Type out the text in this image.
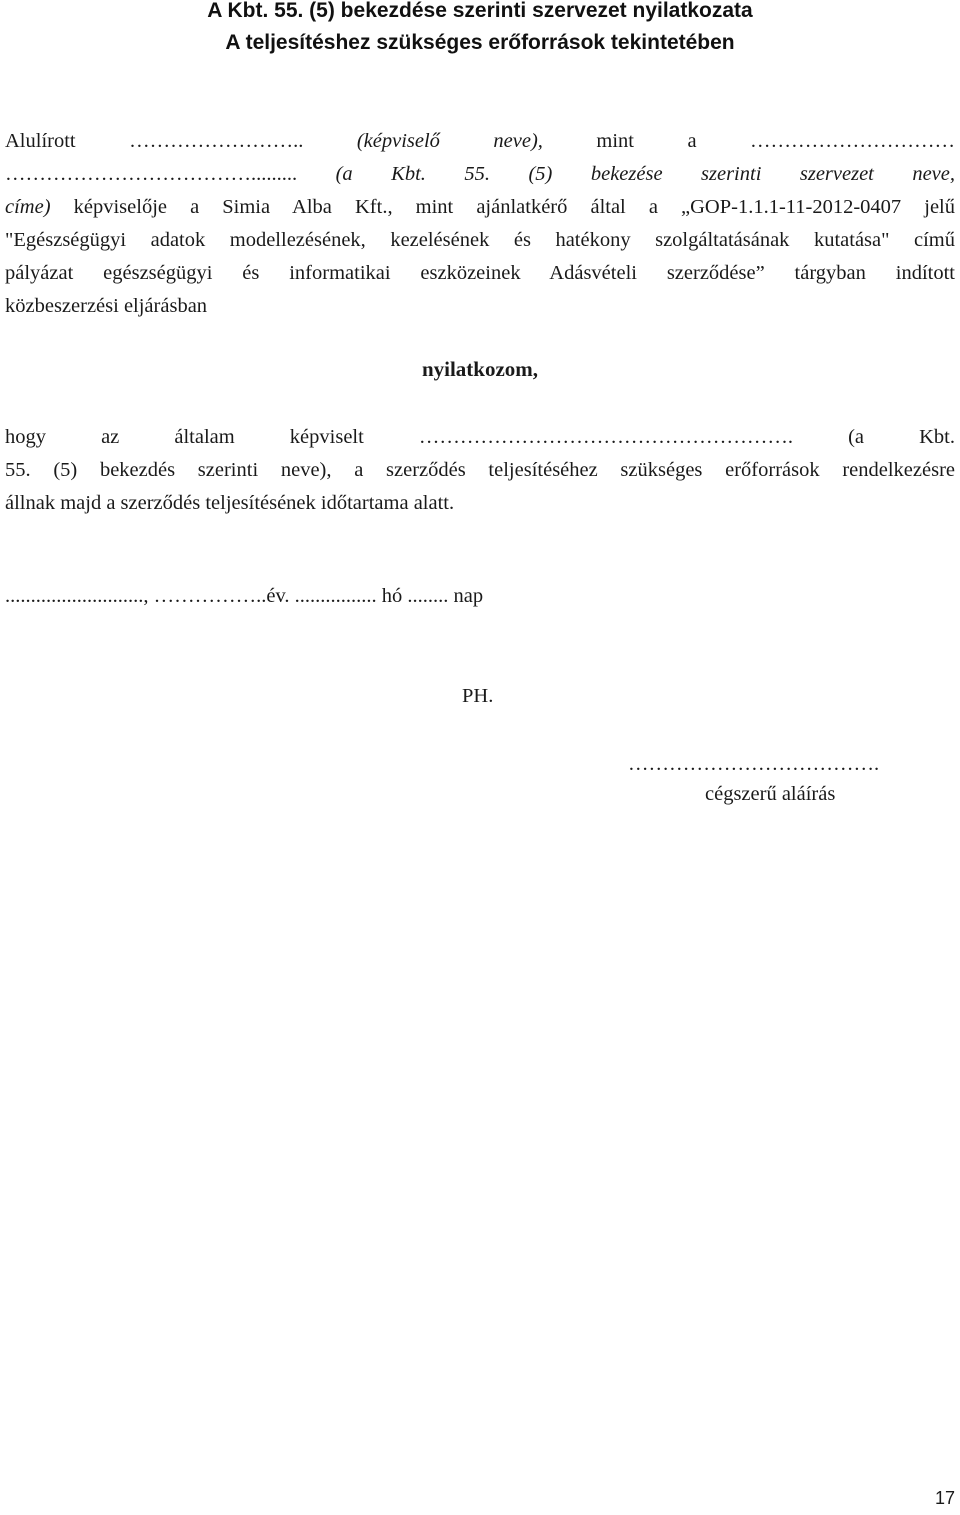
A Kbt. 55. (5) bekezdése szerinti szervezet nyilatkozata
A teljesítéshez szükséges erőforrások tekintetében
Alulírott ……………………..	(képviselő neve),	mint a …………………………
………………………………......... (a Kbt. 55. (5) bekezése szerinti szervezet neve,
címe) képviselője a Simia Alba Kft., mint ajánlatkérő által a „GOP-1.1.1-11-2012-0407 jelű
"Egészségügyi adatok modellezésének, kezelésének és hatékony szolgáltatásának kutatása" című
pályázat egészségügyi és informatikai eszközeinek Adásvételi szerződése” tárgyban indított
közbeszerzési eljárásban
nyilatkozom,
hogy az általam képviselt ………………………………………………. (a Kbt.
55. (5) bekezdés szerinti neve), a szerződés teljesítéséhez szükséges erőforrások rendelkezésre
állnak majd a szerződés teljesítésének időtartama alatt.
..........................., ……………..év. ................ hó ........ nap
PH.
……………………………….
cégszerű aláírás
17
